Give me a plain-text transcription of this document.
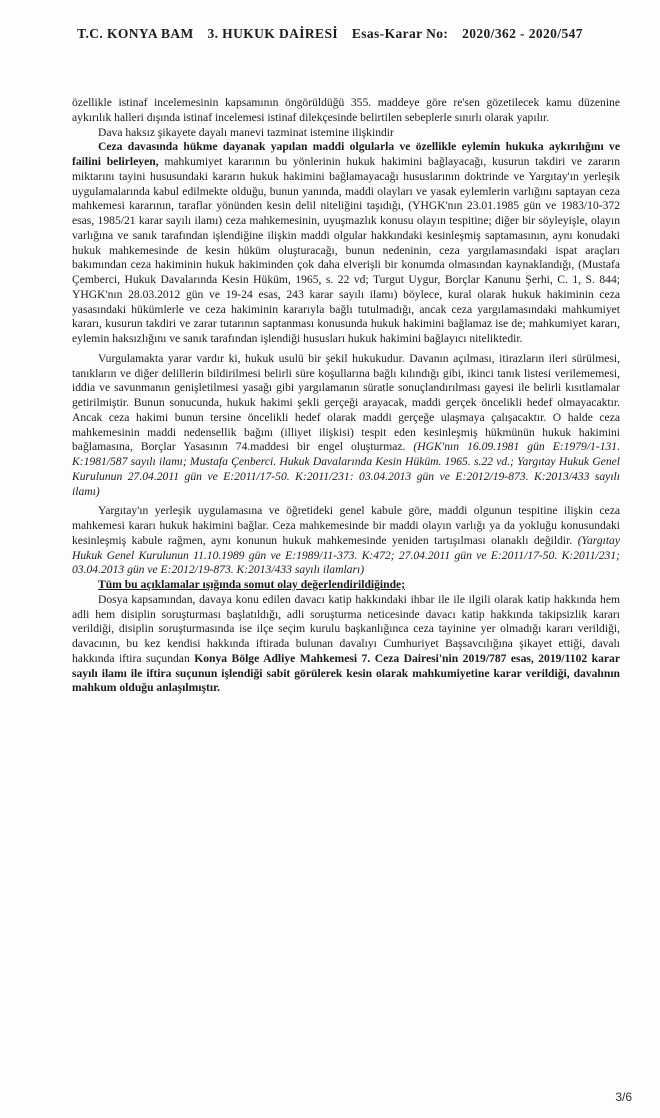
T.C. KONYA BAM 3. HUKUK DAİRESİ Esas-Karar No: 2020/362 - 2020/547

özellikle istinaf incelemesinin kapsamının öngörüldüğü 355. maddeye göre re'sen gözetilecek kamu düzenine aykırılık halleri dışında istinaf incelemesi istinaf dilekçesinde belirtilen sebeplerle sınırlı olarak yapılır.

Dava haksız şikayete dayalı manevi tazminat istemine ilişkindir

Ceza davasında hükme dayanak yapılan maddi olgularla ve özellikle eylemin hukuka aykırılığını ve failini belirleyen, mahkumiyet kararının bu yönlerinin hukuk hakimini bağlayacağı, kusurun takdiri ve zararın miktarını tayini hususundaki kararın hukuk hakimini bağlamayacağı hususlarının doktrinde ve Yargıtay'ın yerleşik uygulamalarında kabul edilmekte olduğu, bunun yanında, maddi olayları ve yasak eylemlerin varlığını saptayan ceza mahkemesi kararının, taraflar yönünden kesin delil niteliğini taşıdığı, (YHGK'nın 23.01.1985 gün ve 1983/10-372 esas, 1985/21 karar sayılı ilamı) ceza mahkemesinin, uyuşmazlık konusu olayın tespitine; diğer bir söyleyişle, olayın varlığına ve sanık tarafından işlendiğine ilişkin maddi olgular hakkındaki kesinleşmiş saptamasının, aynı konudaki hukuk mahkemesinde de kesin hüküm oluşturacağı, bunun nedeninin, ceza yargılamasındaki ispat araçları bakımından ceza hakiminin hukuk hakiminden çok daha elverişli bir konumda olmasından kaynaklandığı, (Mustafa Çemberci, Hukuk Davalarında Kesin Hüküm, 1965, s. 22 vd; Turgut Uygur, Borçlar Kanunu Şerhi, C. 1, S. 844; YHGK'nın 28.03.2012 gün ve 19-24 esas, 243 karar sayılı ilamı) böylece, kural olarak hukuk hakiminin ceza yasasındaki hükümlerle ve ceza hakiminin kararıyla bağlı tutulmadığı, ancak ceza yargılamasındaki mahkumiyet kararı, kusurun takdiri ve zarar tutarının saptanması konusunda hukuk hakimini bağlamaz ise de; mahkumiyet kararı, eylemin haksızlığını ve sanık tarafından işlendiği hususları hukuk hakimini bağlayıcı niteliktedir.

Vurgulamakta yarar vardır ki, hukuk usulü bir şekil hukukudur. Davanın açılması, itirazların ileri sürülmesi, tanıkların ve diğer delillerin bildirilmesi belirli süre koşullarına bağlı kılındığı gibi, ikinci tanık listesi verilememesi, iddia ve savunmanın genişletilmesi yasağı gibi yargılamanın süratle sonuçlandırılması gayesi ile belirli kısıtlamalar getirilmiştir. Bunun sonucunda, hukuk hakimi şekli gerçeği arayacak, maddi gerçek öncelikli hedef olmayacaktır. Ancak ceza hakimi bunun tersine öncelikli hedef olarak maddi gerçeğe ulaşmaya çalışacaktır. O halde ceza mahkemesinin maddi nedensellik bağını (illiyet ilişkisi) tespit eden kesinleşmiş hükmünün hukuk hakimini bağlamasına, Borçlar Yasasının 74.maddesi bir engel oluşturmaz. (HGK'nın 16.09.1981 gün E:1979/1-131. K:1981/587 sayılı ilamı; Mustafa Çenberci. Hukuk Davalarında Kesin Hüküm. 1965. s.22 vd.; Yargıtay Hukuk Genel Kurulunun 27.04.2011 gün ve E:2011/17-50. K:2011/231: 03.04.2013 gün ve E:2012/19-873. K:2013/433 sayılı ilamı)

Yargıtay'ın yerleşik uygulamasına ve öğretideki genel kabule göre, maddi olgunun tespitine ilişkin ceza mahkemesi kararı hukuk hakimini bağlar. Ceza mahkemesinde bir maddi olayın varlığı ya da yokluğu konusundaki kesinleşmiş kabule rağmen, aynı konunun hukuk mahkemesinde yeniden tartışılması olanaklı değildir. (Yargıtay Hukuk Genel Kurulunun 11.10.1989 gün ve E:1989/11-373. K:472; 27.04.2011 gün ve E:2011/17-50. K:2011/231; 03.04.2013 gün ve E:2012/19-873. K:2013/433 sayılı ilamları)

Tüm bu açıklamalar ışığında somut olay değerlendirildiğinde;

Dosya kapsamından, davaya konu edilen davacı katip hakkındaki ihbar ile ile ilgili olarak katip hakkında hem adli hem disiplin soruşturması başlatıldığı, adli soruşturma neticesinde davacı katip hakkında takipsizlik kararı verildiği, disiplin soruşturmasında ise ilçe seçim kurulu başkanlığınca ceza tayinine yer olmadığı kararı verildiği, davacının, bu kez kendisi hakkında iftirada bulunan davalıyı Cumhuriyet Başsavcılığına şikayet ettiği, davalı hakkında iftira suçundan Konya Bölge Adliye Mahkemesi 7. Ceza Dairesi'nin 2019/787 esas, 2019/1102 karar sayılı ilamı ile iftira suçunun işlendiği sabit görülerek kesin olarak mahkumiyetine karar verildiği, davalının mahkum olduğu anlaşılmıştır.

3/6
